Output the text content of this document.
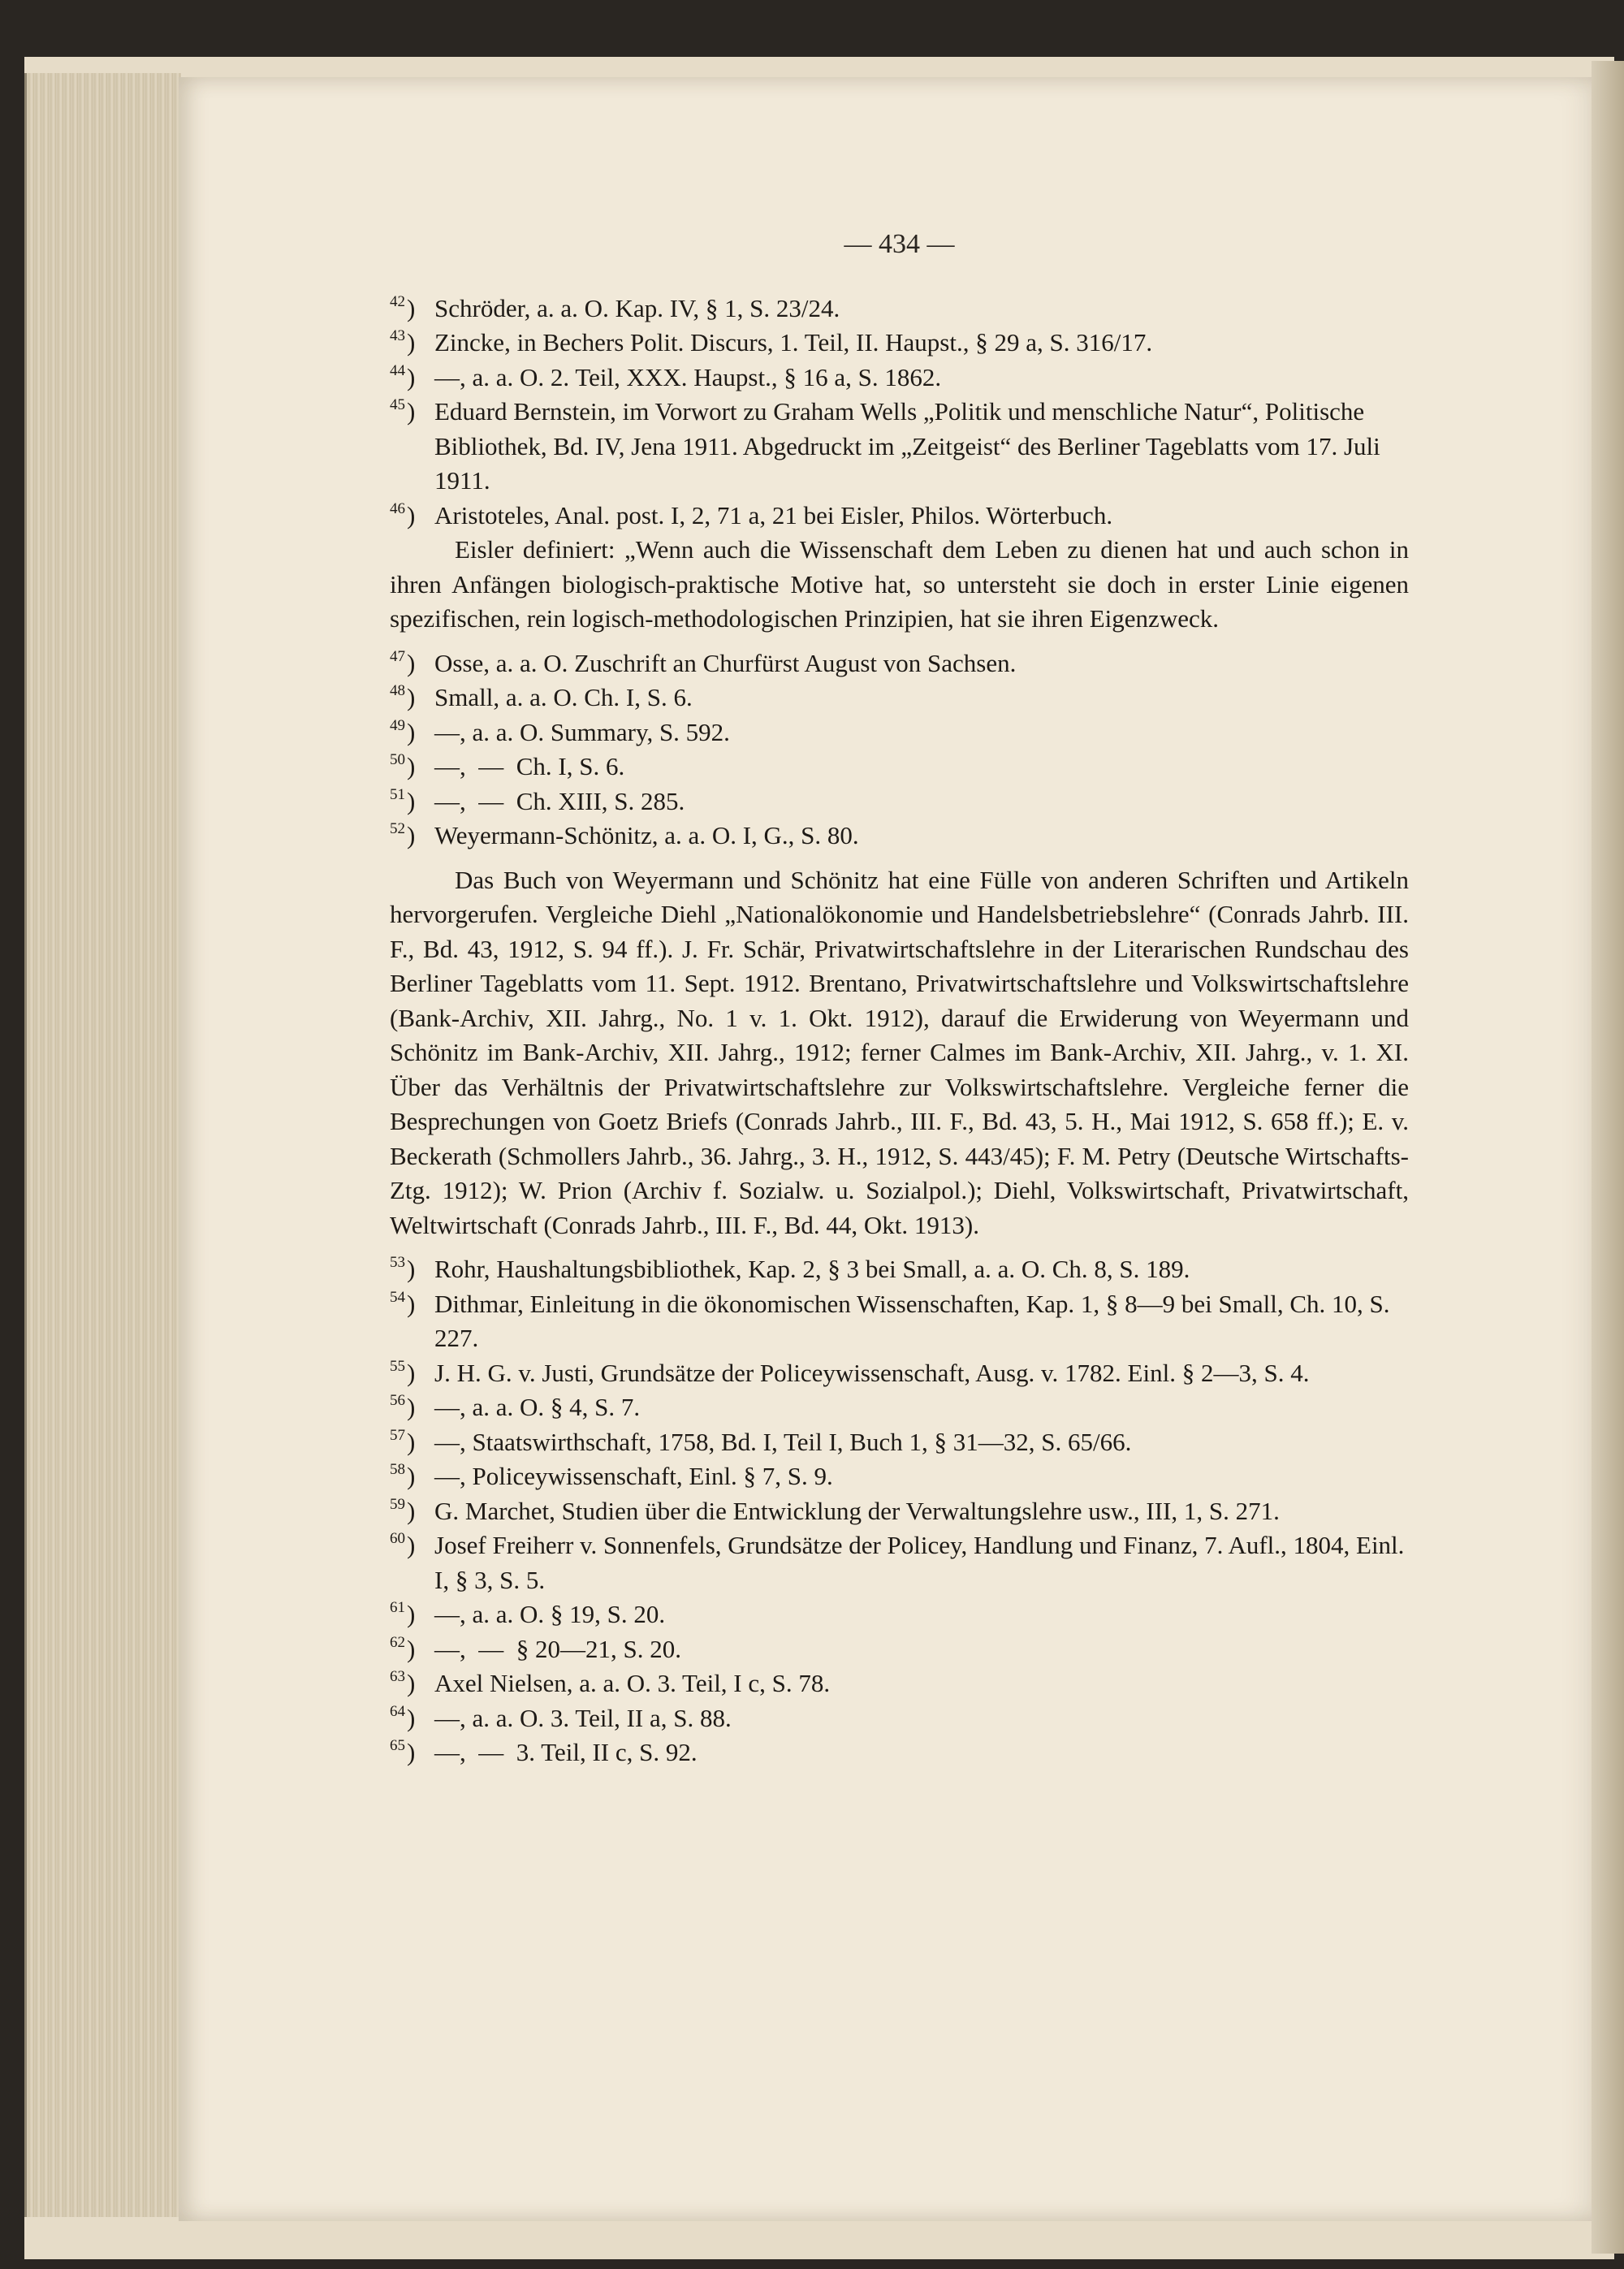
— 434 —

42 ) Schröder, a. a. O. Kap. IV, § 1, S. 23/24.

43 ) Zincke, in Bechers Polit. Discurs, 1. Teil, II. Haupst., § 29 a, S. 316/17.

44 ) —, a. a. O. 2. Teil, XXX. Haupst., § 16 a, S. 1862.

45 ) Eduard Bernstein, im Vorwort zu Graham Wells „Politik und menschliche Natur“, Politische Bibliothek, Bd. IV, Jena 1911. Abgedruckt im „Zeitgeist“ des Berliner Tageblatts vom 17. Juli 1911.

46 ) Aristoteles, Anal. post. I, 2, 71 a, 21 bei Eisler, Philos. Wörterbuch.

Eisler definiert: „Wenn auch die Wissenschaft dem Leben zu dienen hat und auch schon in ihren Anfängen biologisch-praktische Motive hat, so untersteht sie doch in erster Linie eigenen spezifischen, rein logisch-methodologischen Prinzipien, hat sie ihren Eigenzweck.

47 ) Osse, a. a. O. Zuschrift an Churfürst August von Sachsen.

48 ) Small, a. a. O. Ch. I, S. 6.

49 ) —, a. a. O. Summary, S. 592.

50 ) —,  —  Ch. I, S. 6.

51 ) —,  —  Ch. XIII, S. 285.

52 ) Weyermann-Schönitz, a. a. O. I, G., S. 80.

Das Buch von Weyermann und Schönitz hat eine Fülle von anderen Schriften und Artikeln hervorgerufen. Vergleiche Diehl „Nationalökonomie und Handelsbetriebslehre“ (Conrads Jahrb. III. F., Bd. 43, 1912, S. 94 ff.). J. Fr. Schär, Privatwirtschaftslehre in der Literarischen Rundschau des Berliner Tageblatts vom 11. Sept. 1912. Brentano, Privatwirtschaftslehre und Volkswirtschaftslehre (Bank-Archiv, XII. Jahrg., No. 1 v. 1. Okt. 1912), darauf die Erwiderung von Weyermann und Schönitz im Bank-Archiv, XII. Jahrg., 1912; ferner Calmes im Bank-Archiv, XII. Jahrg., v. 1. XI. Über das Verhältnis der Privatwirtschaftslehre zur Volkswirtschaftslehre. Vergleiche ferner die Besprechungen von Goetz Briefs (Conrads Jahrb., III. F., Bd. 43, 5. H., Mai 1912, S. 658 ff.); E. v. Beckerath (Schmollers Jahrb., 36. Jahrg., 3. H., 1912, S. 443/45); F. M. Petry (Deutsche Wirtschafts-Ztg. 1912); W. Prion (Archiv f. Sozialw. u. Sozialpol.); Diehl, Volkswirtschaft, Privatwirtschaft, Weltwirtschaft (Conrads Jahrb., III. F., Bd. 44, Okt. 1913).

53 ) Rohr, Haushaltungsbibliothek, Kap. 2, § 3 bei Small, a. a. O. Ch. 8, S. 189.

54 ) Dithmar, Einleitung in die ökonomischen Wissenschaften, Kap. 1, § 8—9 bei Small, Ch. 10, S. 227.

55 ) J. H. G. v. Justi, Grundsätze der Policeywissenschaft, Ausg. v. 1782. Einl. § 2—3, S. 4.

56 ) —, a. a. O. § 4, S. 7.

57 ) —, Staatswirthschaft, 1758, Bd. I, Teil I, Buch 1, § 31—32, S. 65/66.

58 ) —, Policeywissenschaft, Einl. § 7, S. 9.

59 ) G. Marchet, Studien über die Entwicklung der Verwaltungslehre usw., III, 1, S. 271.

60 ) Josef Freiherr v. Sonnenfels, Grundsätze der Policey, Handlung und Finanz, 7. Aufl., 1804, Einl. I, § 3, S. 5.

61 ) —, a. a. O. § 19, S. 20.

62 ) —,  —  § 20—21, S. 20.

63 ) Axel Nielsen, a. a. O. 3. Teil, I c, S. 78.

64 ) —, a. a. O. 3. Teil, II a, S. 88.

65 ) —,  —  3. Teil, II c, S. 92.
